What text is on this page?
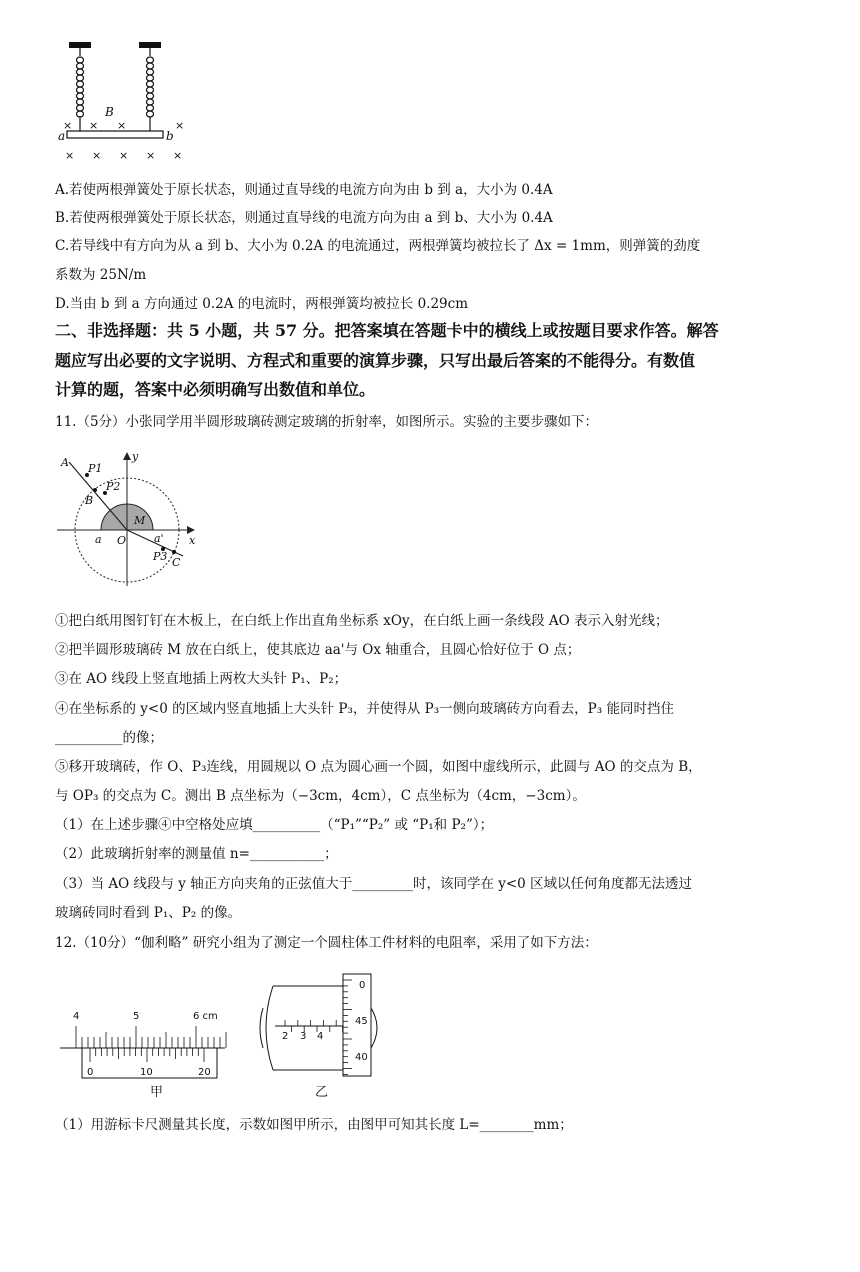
× × ×	×
× × × × ×
B
a	b
A.若使两根弹簧处于原长状态，则通过直导线的电流方向为由 b 到 a，大小为 0.4A
B.若使两根弹簧处于原长状态，则通过直导线的电流方向为由 a 到 b、大小为 0.4A
C.若导线中有方向为从 a 到 b、大小为 0.2A 的电流通过，两根弹簧均被拉长了 Δx = 1mm，则弹簧的劲度
系数为 25N/m
D.当由 b 到 a 方向通过 0.2A 的电流时，两根弹簧均被拉长 0.29cm
二、非选择题：共 5 小题，共 57 分。把答案填在答题卡中的横线上或按题目要求作答。解答
题应写出必要的文字说明、方程式和重要的演算步骤，只写出最后答案的不能得分。有数值
计算的题，答案中必须明确写出数值和单位。
11.（5分）小张同学用半圆形玻璃砖测定玻璃的折射率，如图所示。实验的主要步骤如下：
A P1
P2
B
y
M
a O	a' x
P3 C
①把白纸用图钉钉在木板上，在白纸上作出直角坐标系 xOy，在白纸上画一条线段 AO 表示入射光线；
②把半圆形玻璃砖 M 放在白纸上，使其底边 aa'与 Ox 轴重合，且圆心恰好位于 O 点；
③在 AO 线段上竖直地插上两枚大头针 P₁、P₂；
④在坐标系的 y<0 的区域内竖直地插上大头针 P₃，并使得从 P₃一侧向玻璃砖方向看去，P₃ 能同时挡住
__________的像；
⑤移开玻璃砖，作 O、P₃连线，用圆规以 O 点为圆心画一个圆，如图中虚线所示，此圆与 AO 的交点为 B，
与 OP₃ 的交点为 C。测出 B 点坐标为（−3cm，4cm），C 点坐标为（4cm，−3cm）。
（1）在上述步骤④中空格处应填__________（“P₁”“P₂” 或 “P₁和 P₂”）；
（2）此玻璃折射率的测量值 n=___________；
（3）当 AO 线段与 y 轴正方向夹角的正弦值大于_________时，该同学在 y<0 区域以任何角度都无法透过
玻璃砖同时看到 P₁、P₂ 的像。
12.（10分）“伽利略” 研究小组为了测定一个圆柱体工件材料的电阻率，采用了如下方法：
4	5	6 cm
0	10	20
甲
2 3 4
0
45
40
乙
（1）用游标卡尺测量其长度，示数如图甲所示，由图甲可知其长度 L=________mm；
